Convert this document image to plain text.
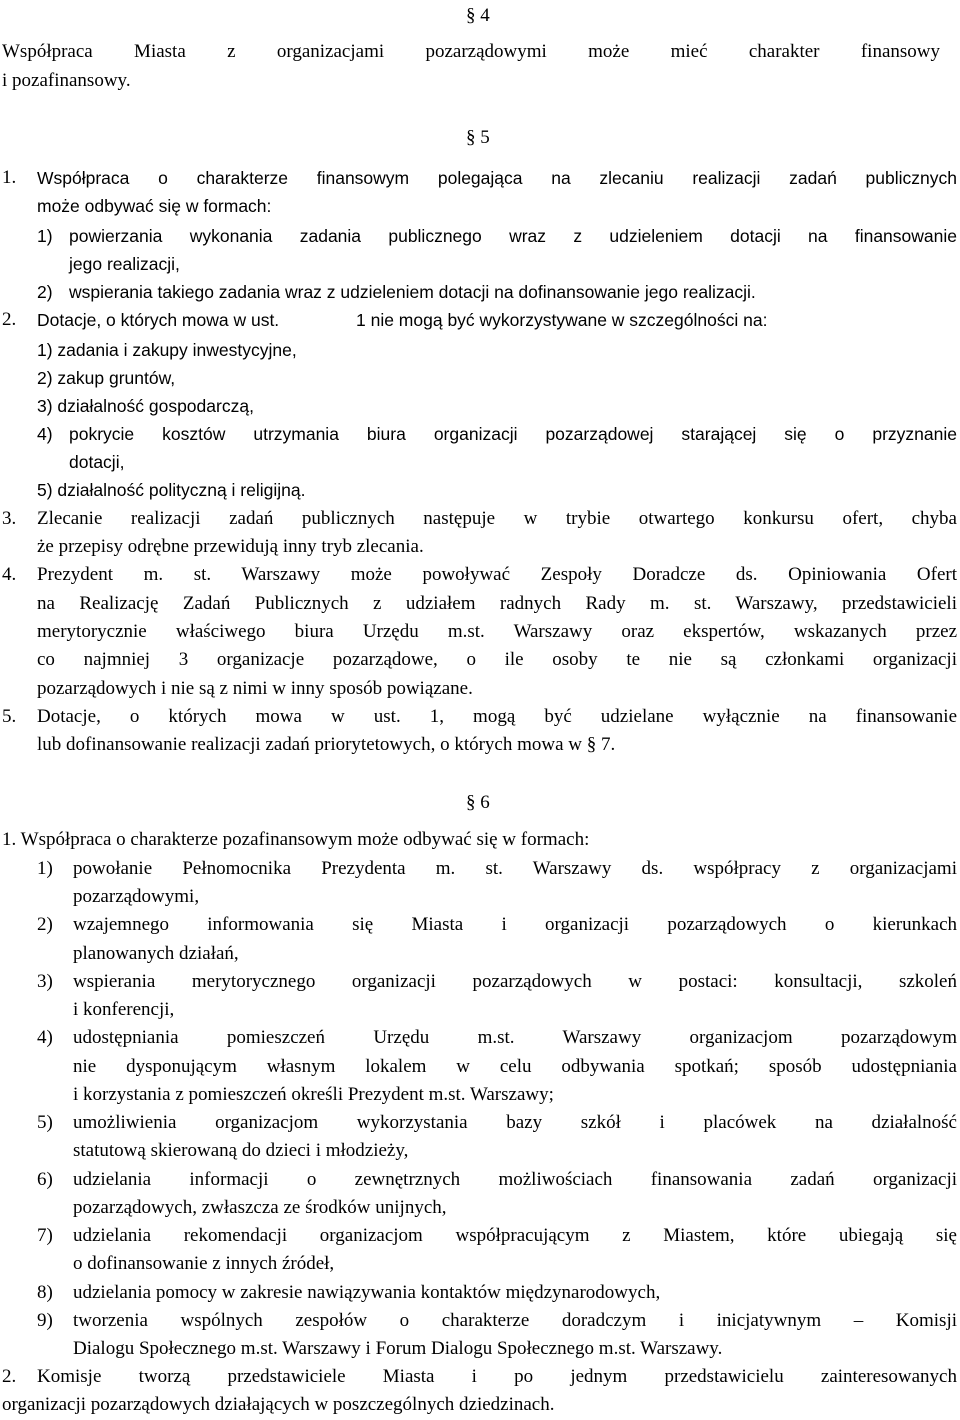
§ 4
Współpraca Miasta z organizacjami pozarządowymi może mieć charakter finansowy
i pozafinansowy.
§ 5
1. Współpraca o charakterze finansowym polegająca na zlecaniu realizacji zadań publicznych
może odbywać się w formach:
1) powierzania wykonania zadania publicznego wraz z udzieleniem dotacji na finansowanie
jego realizacji,
2) wspierania takiego zadania wraz z udzieleniem dotacji na dofinansowanie jego realizacji.
2. Dotacje, o których mowa w ust.	1 nie mogą być wykorzystywane w szczególności na:
1) zadania i zakupy inwestycyjne,
2) zakup gruntów,
3) działalność gospodarczą,
4) pokrycie kosztów utrzymania biura organizacji pozarządowej starającej się o przyznanie
dotacji,
5) działalność polityczną i religijną.
3. Zlecanie realizacji zadań publicznych następuje w trybie otwartego konkursu ofert, chyba
że przepisy odrębne przewidują inny tryb zlecania.
4. Prezydent m. st. Warszawy może powoływać Zespoły Doradcze ds. Opiniowania Ofert
na Realizację Zadań Publicznych z udziałem radnych Rady m. st. Warszawy, przedstawicieli
merytorycznie właściwego biura Urzędu m.st. Warszawy oraz ekspertów, wskazanych przez
co najmniej 3 organizacje pozarządowe, o ile osoby te nie są członkami organizacji
pozarządowych i nie są z nimi w inny sposób powiązane.
5. Dotacje, o których mowa w ust. 1, mogą być udzielane wyłącznie na finansowanie
lub dofinansowanie realizacji zadań priorytetowych, o których mowa w § 7.
§ 6
1. Współpraca o charakterze pozafinansowym może odbywać się w formach:
1) powołanie Pełnomocnika Prezydenta m. st. Warszawy ds. współpracy z organizacjami
pozarządowymi,
2) wzajemnego informowania się Miasta i organizacji pozarządowych o kierunkach
planowanych działań,
3) wspierania merytorycznego organizacji pozarządowych w postaci: konsultacji, szkoleń
i konferencji,
4) udostępniania pomieszczeń Urzędu m.st. Warszawy organizacjom pozarządowym
nie dysponującym własnym lokalem w celu odbywania spotkań; sposób udostępniania
i korzystania z pomieszczeń określi Prezydent m.st. Warszawy;
5) umożliwienia organizacjom wykorzystania bazy szkół i placówek na działalność
statutową skierowaną do dzieci i młodzieży,
6) udzielania informacji o zewnętrznych możliwościach finansowania zadań organizacji
pozarządowych, zwłaszcza ze środków unijnych,
7) udzielania rekomendacji organizacjom współpracującym z Miastem, które ubiegają się
o dofinansowanie z innych źródeł,
8) udzielania pomocy w zakresie nawiązywania kontaktów międzynarodowych,
9) tworzenia wspólnych zespołów o charakterze doradczym i inicjatywnym – Komisji
Dialogu Społecznego m.st. Warszawy i Forum Dialogu Społecznego m.st. Warszawy.
2. Komisje tworzą przedstawiciele Miasta i po jednym przedstawicielu zainteresowanych
organizacji pozarządowych działających w poszczególnych dziedzinach.
